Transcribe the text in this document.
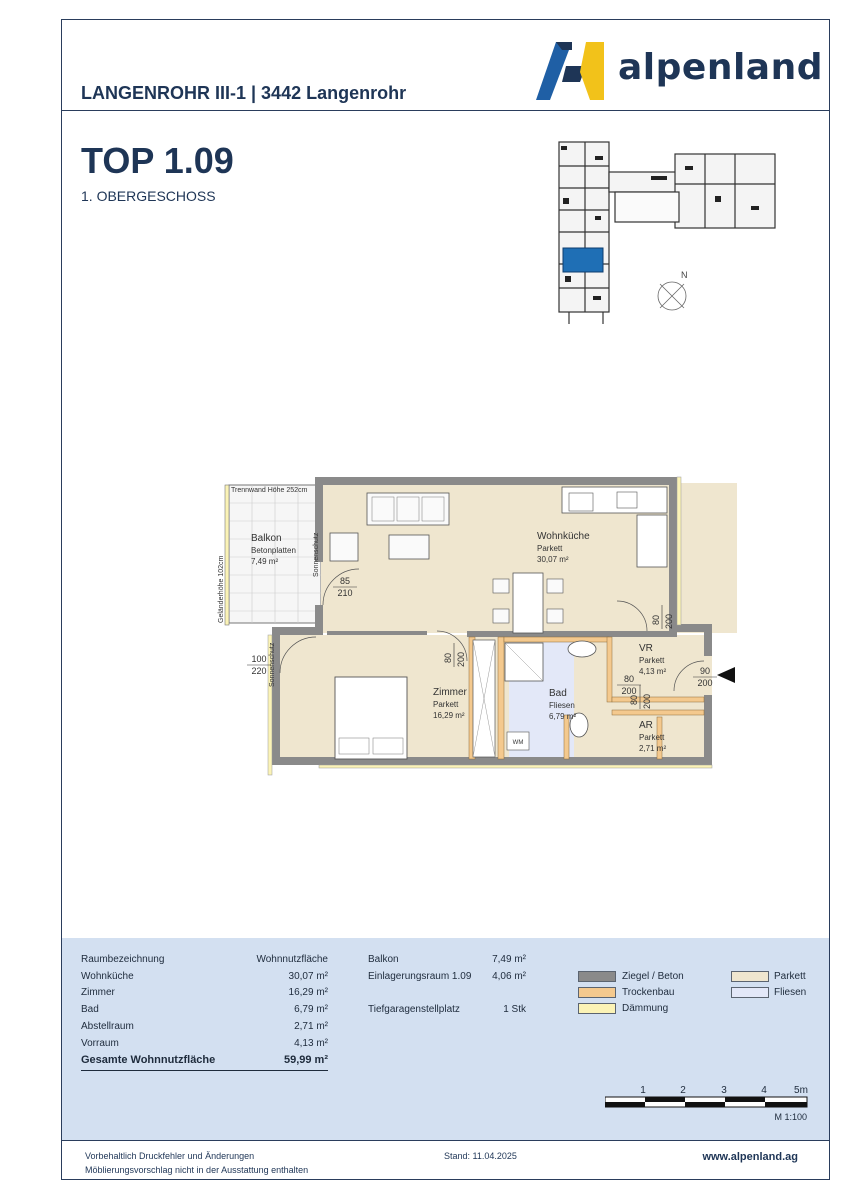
LANGENROHR III-1 | 3442 Langenrohr
alpenland
TOP 1.09
1. OBERGESCHOSS
N
WM
Trennwand Höhe 252cm
Geländerhöhe 102cm
Sonnenschutz
Sonnenschutz
Balkon
Betonplatten
7,49 m²
Wohnküche
Parkett
30,07 m²
Zimmer
Parkett
16,29 m²
Bad
Fliesen
6,79 m²
VR
Parkett
4,13 m²
AR
Parkett
2,71 m²
85
210
100
220	90
200
80
200
80 200
80 200
80 200
Raumbezeichnung	Wohnnutzfläche
Wohnküche	30,07 m²
Zimmer	16,29 m²
Bad	6,79 m²
Abstellraum	2,71 m²
Vorraum	4,13 m²
Gesamte Wohnnutzfläche	59,99 m²
Balkon	7,49 m²
Einlagerungsraum 1.09	4,06 m²
Tiefgaragenstellplatz	1 Stk
Ziegel / Beton
Trockenbau
Dämmung
Parkett
Fliesen
1	2	3	4	5m
M 1:100
Vorbehaltlich Druckfehler und Änderungen
Möblierungsvorschlag nicht in der Ausstattung enthalten
Stand: 11.04.2025	www.alpenland.ag
